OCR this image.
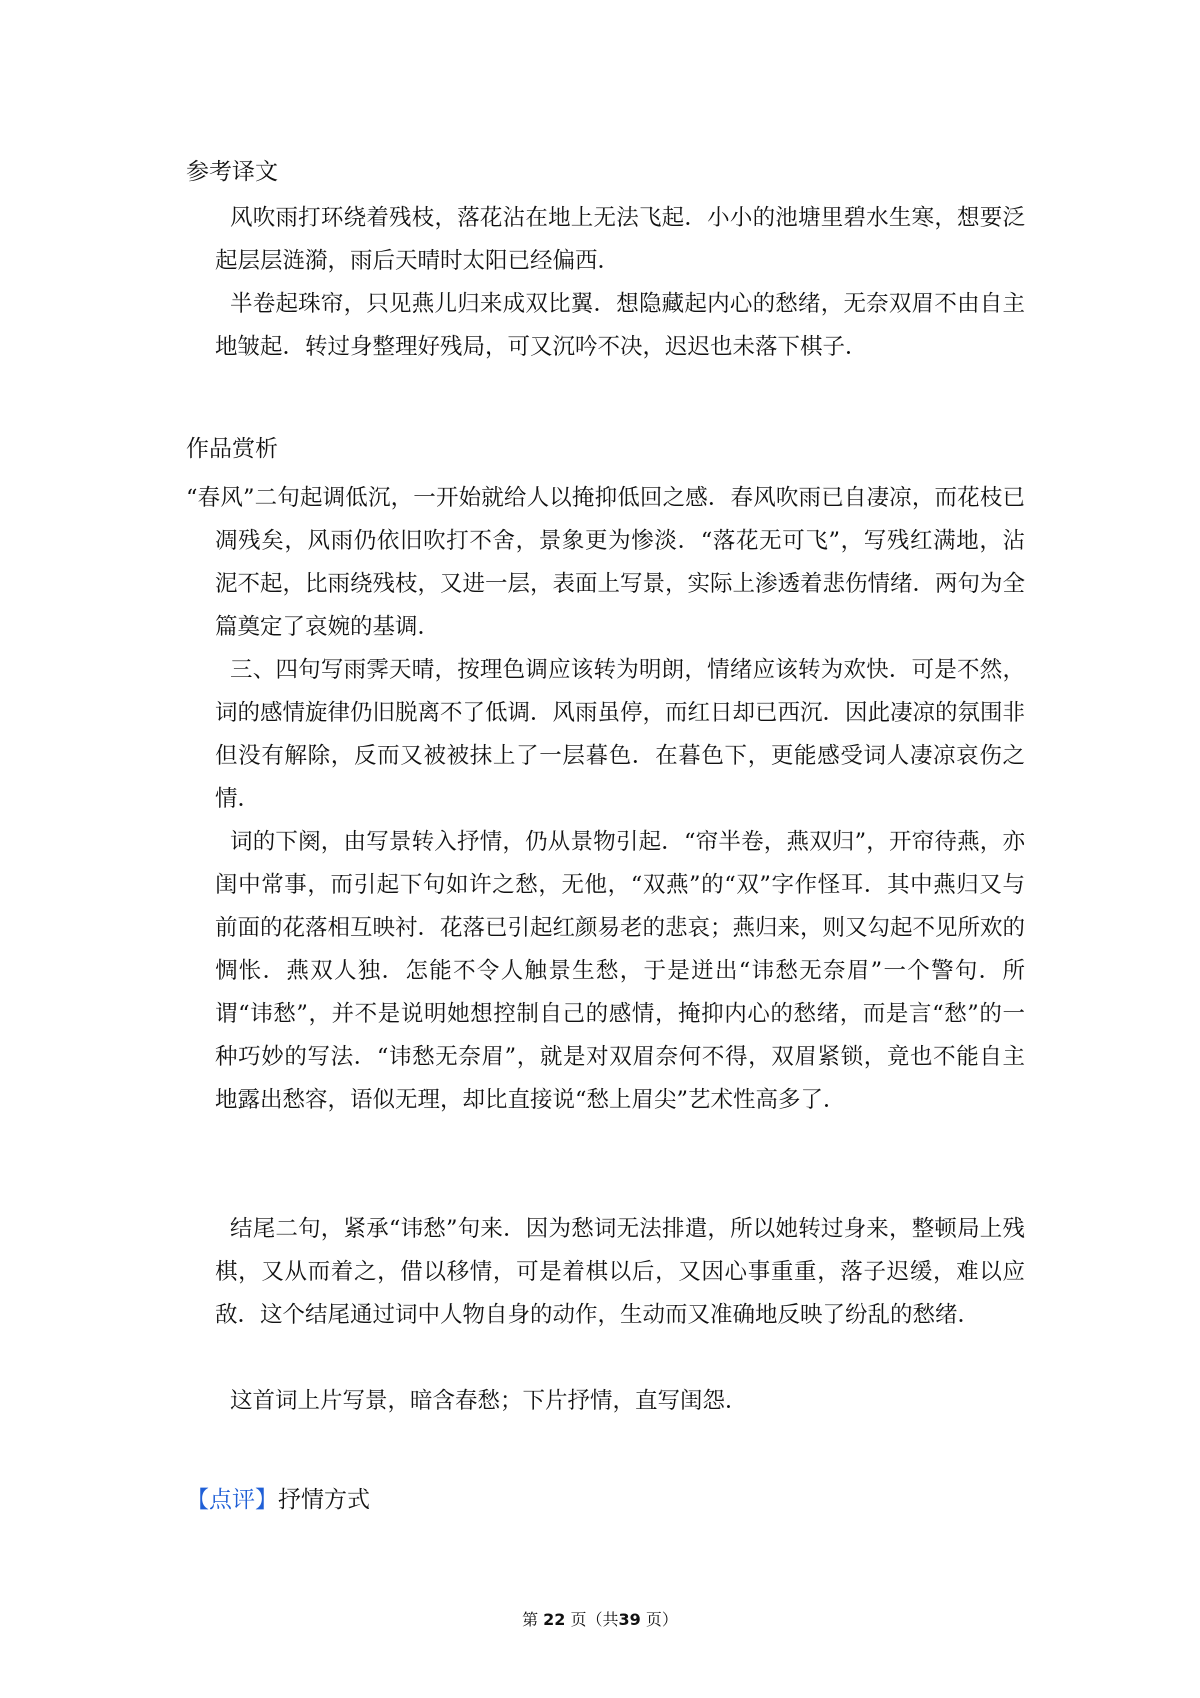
参考译文

风吹雨打环绕着残枝，落花沾在地上无法飞起．小小的池塘里碧水生寒，想要泛起层层涟漪，雨后天晴时太阳已经偏西．

半卷起珠帘，只见燕儿归来成双比翼．想隐藏起内心的愁绪，无奈双眉不由自主地皱起．转过身整理好残局，可又沉吟不决，迟迟也未落下棋子．

作品赏析

“春风”二句起调低沉，一开始就给人以掩抑低回之感．春风吹雨已自凄凉，而花枝已凋残矣，风雨仍依旧吹打不舍，景象更为惨淡．“落花无可飞”，写残红满地，沾泥不起，比雨绕残枝，又进一层，表面上写景，实际上渗透着悲伤情绪．两句为全篇奠定了哀婉的基调．

三、四句写雨霁天晴，按理色调应该转为明朗，情绪应该转为欢快．可是不然，词的感情旋律仍旧脱离不了低调．风雨虽停，而红日却已西沉．因此凄凉的氛围非但没有解除，反而又被被抹上了一层暮色．在暮色下，更能感受词人凄凉哀伤之情．

词的下阕，由写景转入抒情，仍从景物引起．“帘半卷，燕双归”，开帘待燕，亦闺中常事，而引起下句如许之愁，无他，“双燕”的“双”字作怪耳．其中燕归又与前面的花落相互映衬．花落已引起红颜易老的悲哀；燕归来，则又勾起不见所欢的惆怅．燕双人独．怎能不令人触景生愁，于是迸出“讳愁无奈眉”一个警句．所谓“讳愁”，并不是说明她想控制自己的感情，掩抑内心的愁绪，而是言“愁”的一种巧妙的写法．“讳愁无奈眉”，就是对双眉奈何不得，双眉紧锁，竟也不能自主地露出愁容，语似无理，却比直接说“愁上眉尖”艺术性高多了．

结尾二句，紧承“讳愁”句来．因为愁词无法排遣，所以她转过身来，整顿局上残棋，又从而着之，借以移情，可是着棋以后，又因心事重重，落子迟缓，难以应敌．这个结尾通过词中人物自身的动作，生动而又准确地反映了纷乱的愁绪．

这首词上片写景，暗含春愁；下片抒情，直写闺怨．

【点评】抒情方式
第 22 页（共39 页）
